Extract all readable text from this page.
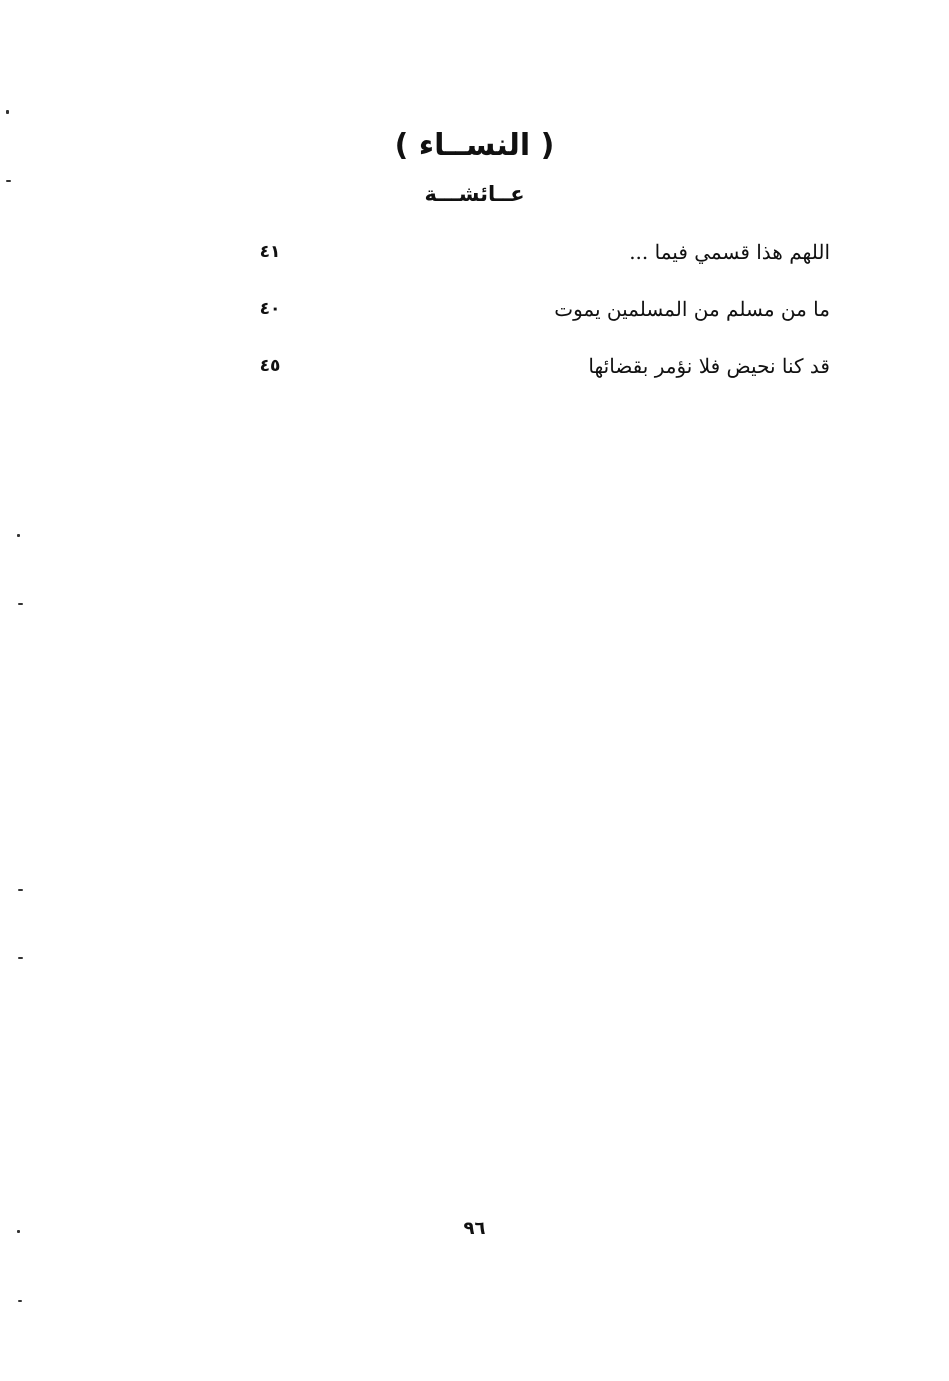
( النســاء )
عــائشـــة
اللهم هذا قسمي فيما ...
٤١
ما من مسلم من المسلمين يموت
٤٠
قد كنا نحيض فلا نؤمر بقضائها
٤٥
٩٦
